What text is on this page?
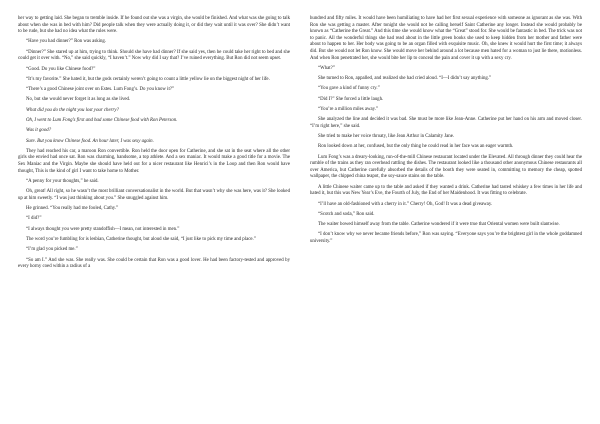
her way to getting laid. She began to tremble inside. If he found out she was a virgin, she would be finished. And what was she going to talk about when she was in bed with him? Did people talk when they were actually doing it, or did they wait until it was over? She didn’t want to be rude, but she had no idea what the rules were.

“Have you had dinner?” Ron was asking.

“Dinner?” She stared up at him, trying to think. Should she have had dinner? If she said yes, then he could take her right to bed and she could get it over with. “No,” she said quickly, “I haven’t.” Now why did I say that? I’ve ruined everything. But Ron did not seem upset.

“Good. Do you like Chinese food?”

“It’s my favorite.” She hated it, but the gods certainly weren’t going to count a little yellow lie on the biggest night of her life.

“There’s a good Chinese joint over on Estes. Lum Fong’s. Do you know it?”

No, but she would never forget it as long as she lived.

What did you do the night you lost your cherry?

Oh, I went to Lum Fong’s first and had some Chinese food with Ron Peterson.

Was it good?

Sure. But you know Chinese food. An hour later, I was sexy again.

They had reached his car, a maroon Ron convertible. Ron held the door open for Catherine, and she sat in the seat where all the other girls she envied had once sat. Ron was charming, handsome, a top athlete. And a sex maniac. It would make a good title for a movie. The Sex Maniac and the Virgin. Maybe she should have held out for a nicer restaurant like Henrici’s in the Loop and then Ron would have thought, This is the kind of girl I want to take home to Mother.

“A penny for your thoughts,” he said.

Oh, great! All right, so he wasn’t the most brilliant conversationalist in the world. But that wasn’t why she was here, was it? She looked up at him sweetly. “I was just thinking about you.” She snuggled against him.

He grinned. “You really had me fooled, Cathy.”

“I did?”

“I always thought you were pretty standoffish—I mean, not interested in men.”

The word you’re fumbling for is lesbian, Catherine thought, but aloud she said, “I just like to pick my time and place.”

“I’m glad you picked me.”

“So am I.” And she was. She really was. She could be certain that Ron was a good lover. He had been factory-tested and approved by every horny coed within a radius of a

hundred and fifty miles. It would have been humiliating to have had her first sexual experience with someone as ignorant as she was. With Ron she was getting a master. After tonight she would not be calling herself Saint Catherine any longer. Instead she would probably be known as “Catherine the Great.” And this time she would know what the “Great” stood for. She would be fantastic in bed. The trick was not to panic. All the wonderful things she had read about in the little green books she used to keep hidden from her mother and father were about to happen to her. Her body was going to be an organ filled with exquisite music. Oh, she knew it would hurt the first time; it always did. But she would not let Ron know. She would move her behind around a lot because men hated for a woman to just lie there, motionless. And when Ron penetrated her, she would bite her lip to conceal the pain and cover it up with a sexy cry.

“What?”

She turned to Ron, appalled, and realized she had cried aloud. “I—I didn’t say anything.”

“You gave a kind of funny cry.”

“Did I?” She forced a little laugh.

“You’re a million miles away.”

She analyzed the line and decided it was bad. She must be more like Jean-Anne. Catherine put her hand on his arm and moved closer. “I’m right here,” she said.

She tried to make her voice throaty, like Jean Arthur in Calamity Jane.

Ron looked down at her, confused, but the only thing he could read in her face was an eager warmth.

Lum Fong’s was a dreary-looking, run-of-the-mill Chinese restaurant located under the Elevated. All through dinner they could hear the rumble of the trains as they ran overhead rattling the dishes. The restaurant looked like a thousand other anonymous Chinese restaurants all over America, but Catherine carefully absorbed the details of the booth they were seated in, committing to memory the cheap, spotted wallpaper, the chipped china teapot, the soy-sauce stains on the table.

A little Chinese waiter came up to the table and asked if they wanted a drink. Catherine had tasted whiskey a few times in her life and hated it, but this was New Year’s Eve, the Fourth of July, the End of her Maidenhood. It was fitting to celebrate.

“I’ll have an old-fashioned with a cherry in it.” Cherry! Oh, God! It was a dead giveaway.

“Scotch and soda,” Ron said.

The waiter bowed himself away from the table. Catherine wondered if it were true that Oriental women were built slantwise.

“I don’t know why we never became friends before,” Ron was saying. “Everyone says you’re the brightest girl in the whole goddamned university.”
